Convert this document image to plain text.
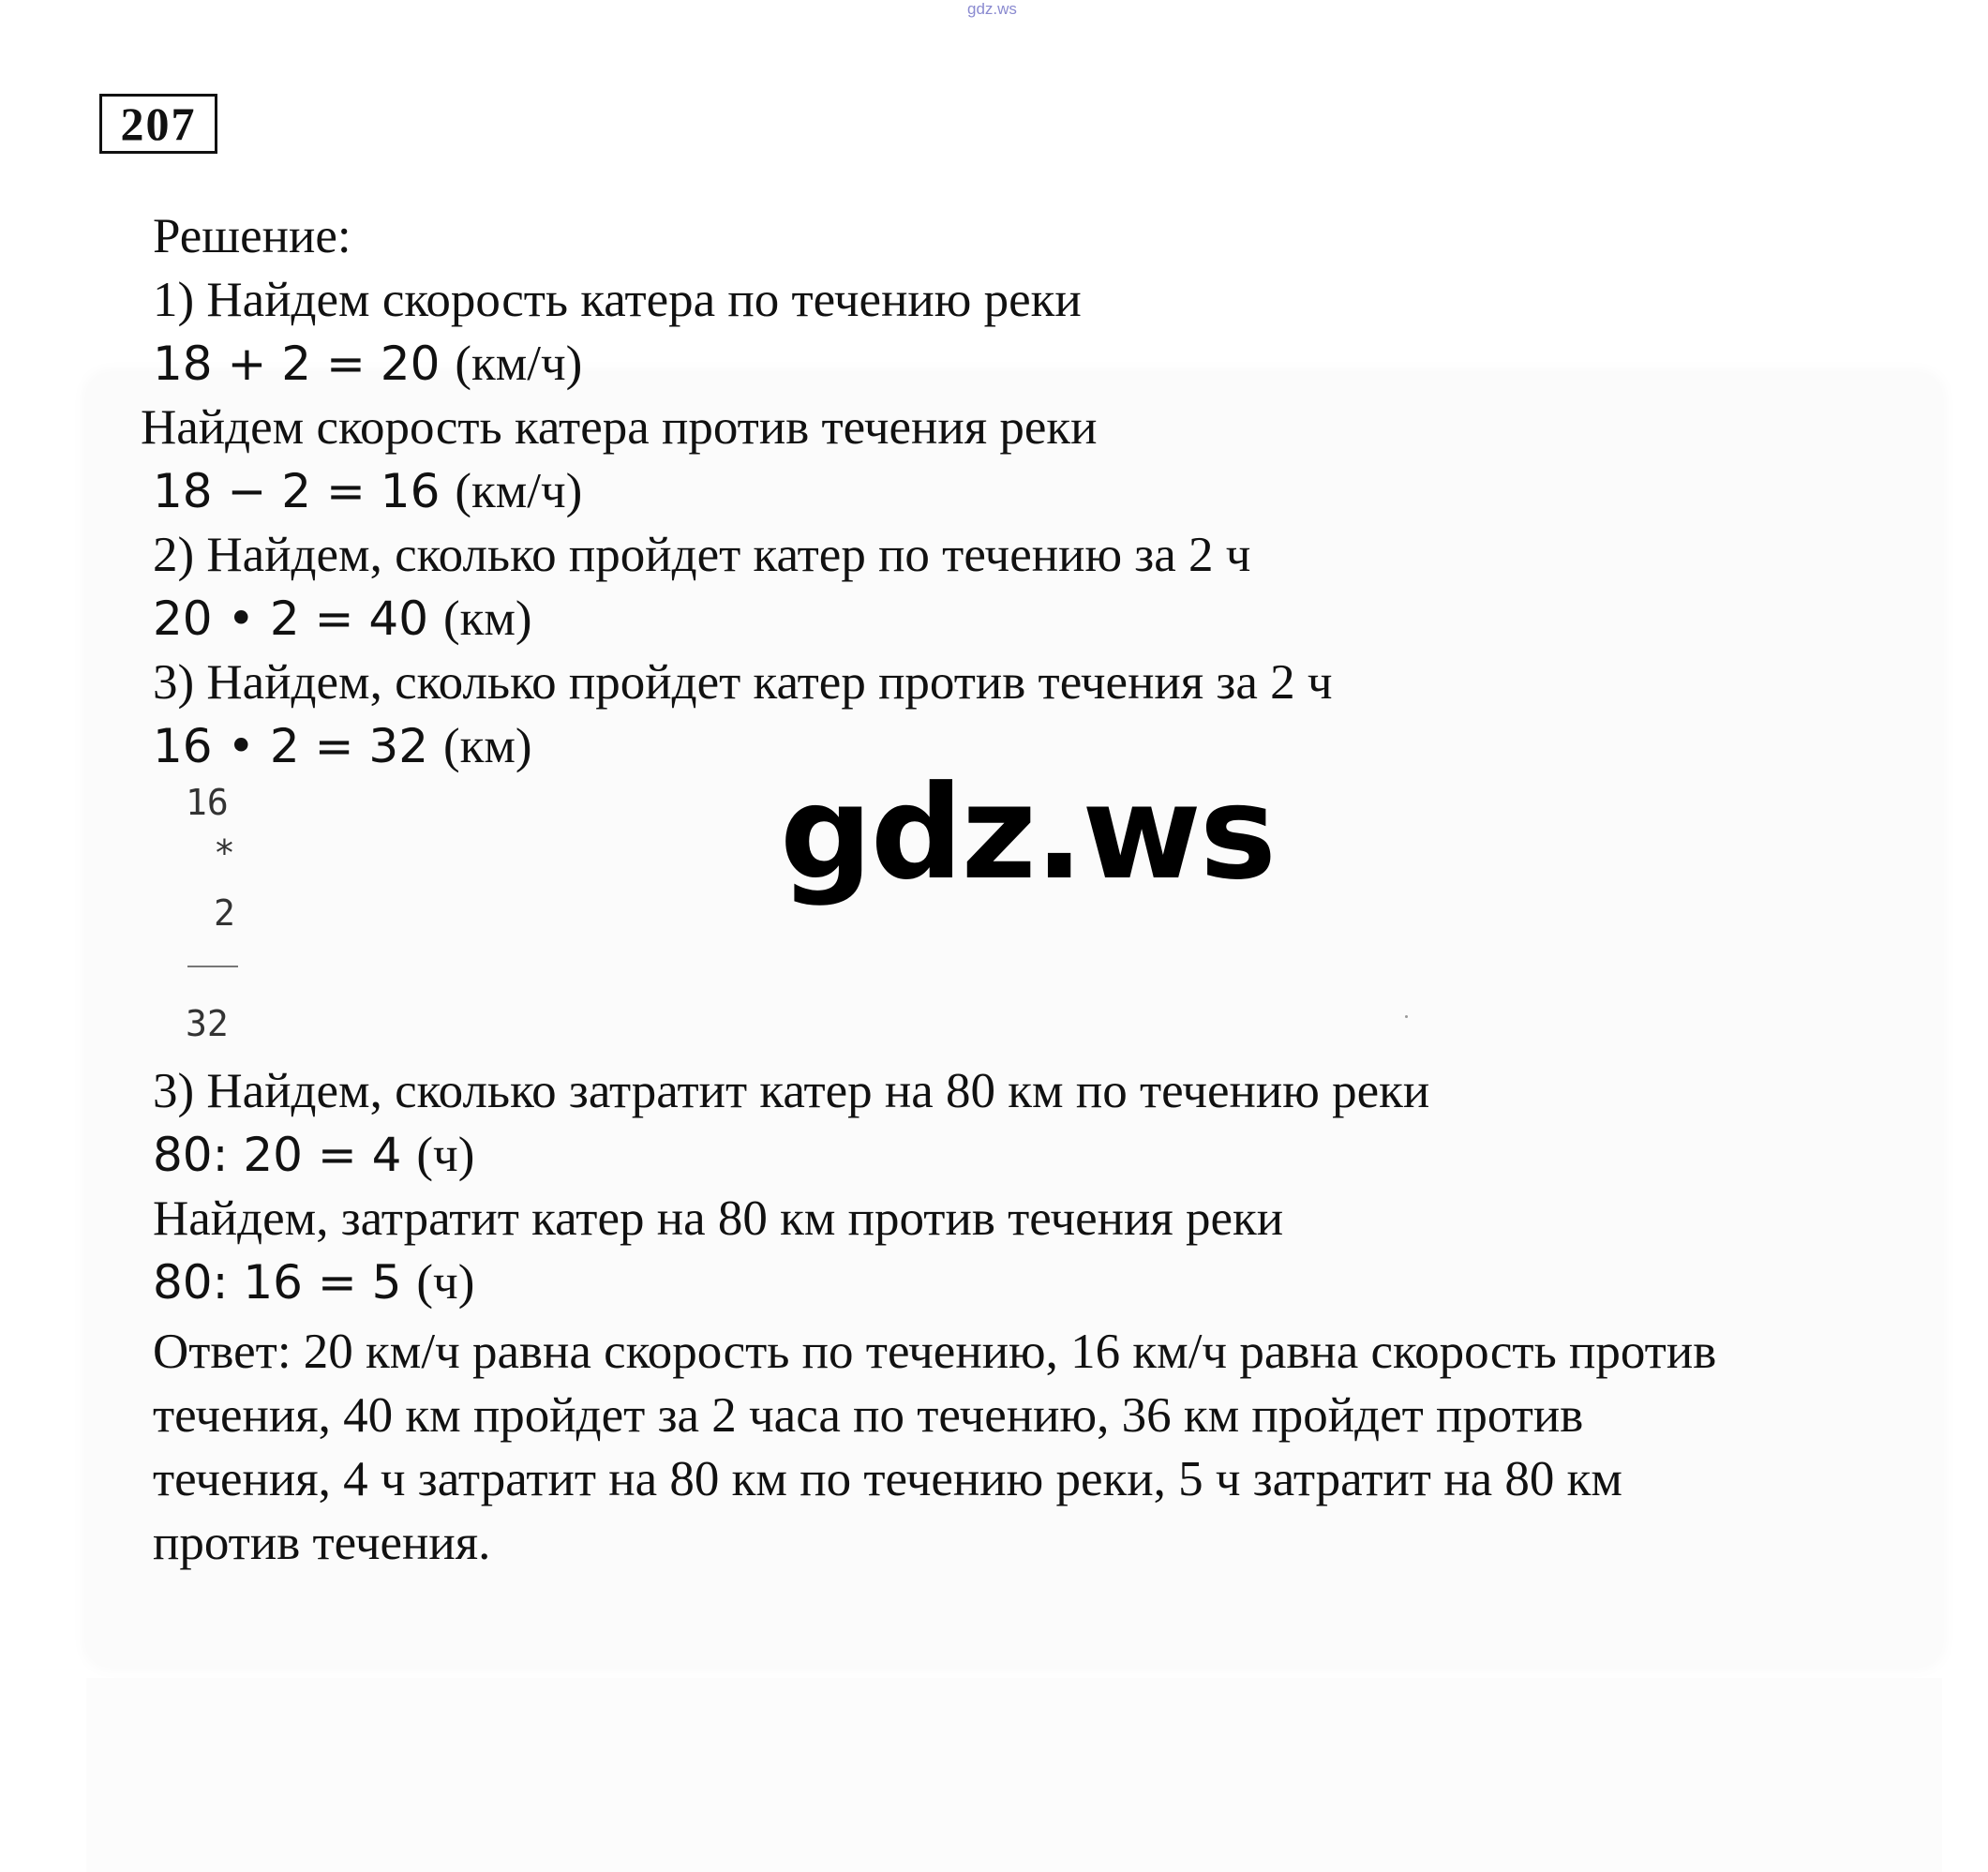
gdz.ws
207
Решение:
1) Найдем скорость катера по течению реки
18 + 2 = 20 (км/ч)
Найдем скорость катера против течения реки
18 − 2 = 16 (км/ч)
2) Найдем, сколько пройдет катер по течению за 2 ч
20 • 2 = 40 (км)
3) Найдем, сколько пройдет катер против течения за 2 ч
16 • 2 = 32 (км)
16
*
2
32
gdz.ws
3) Найдем, сколько затратит катер на 80 км по течению реки
80: 20 = 4 (ч)
Найдем, затратит катер на 80 км против течения реки
80: 16 = 5 (ч)
Ответ: 20 км/ч равна скорость по течению, 16 км/ч равна скорость против
течения, 40 км пройдет за 2 часа по течению, 36 км пройдет против
течения, 4 ч затратит на 80 км по течению реки, 5 ч затратит на 80 км
против течения.
